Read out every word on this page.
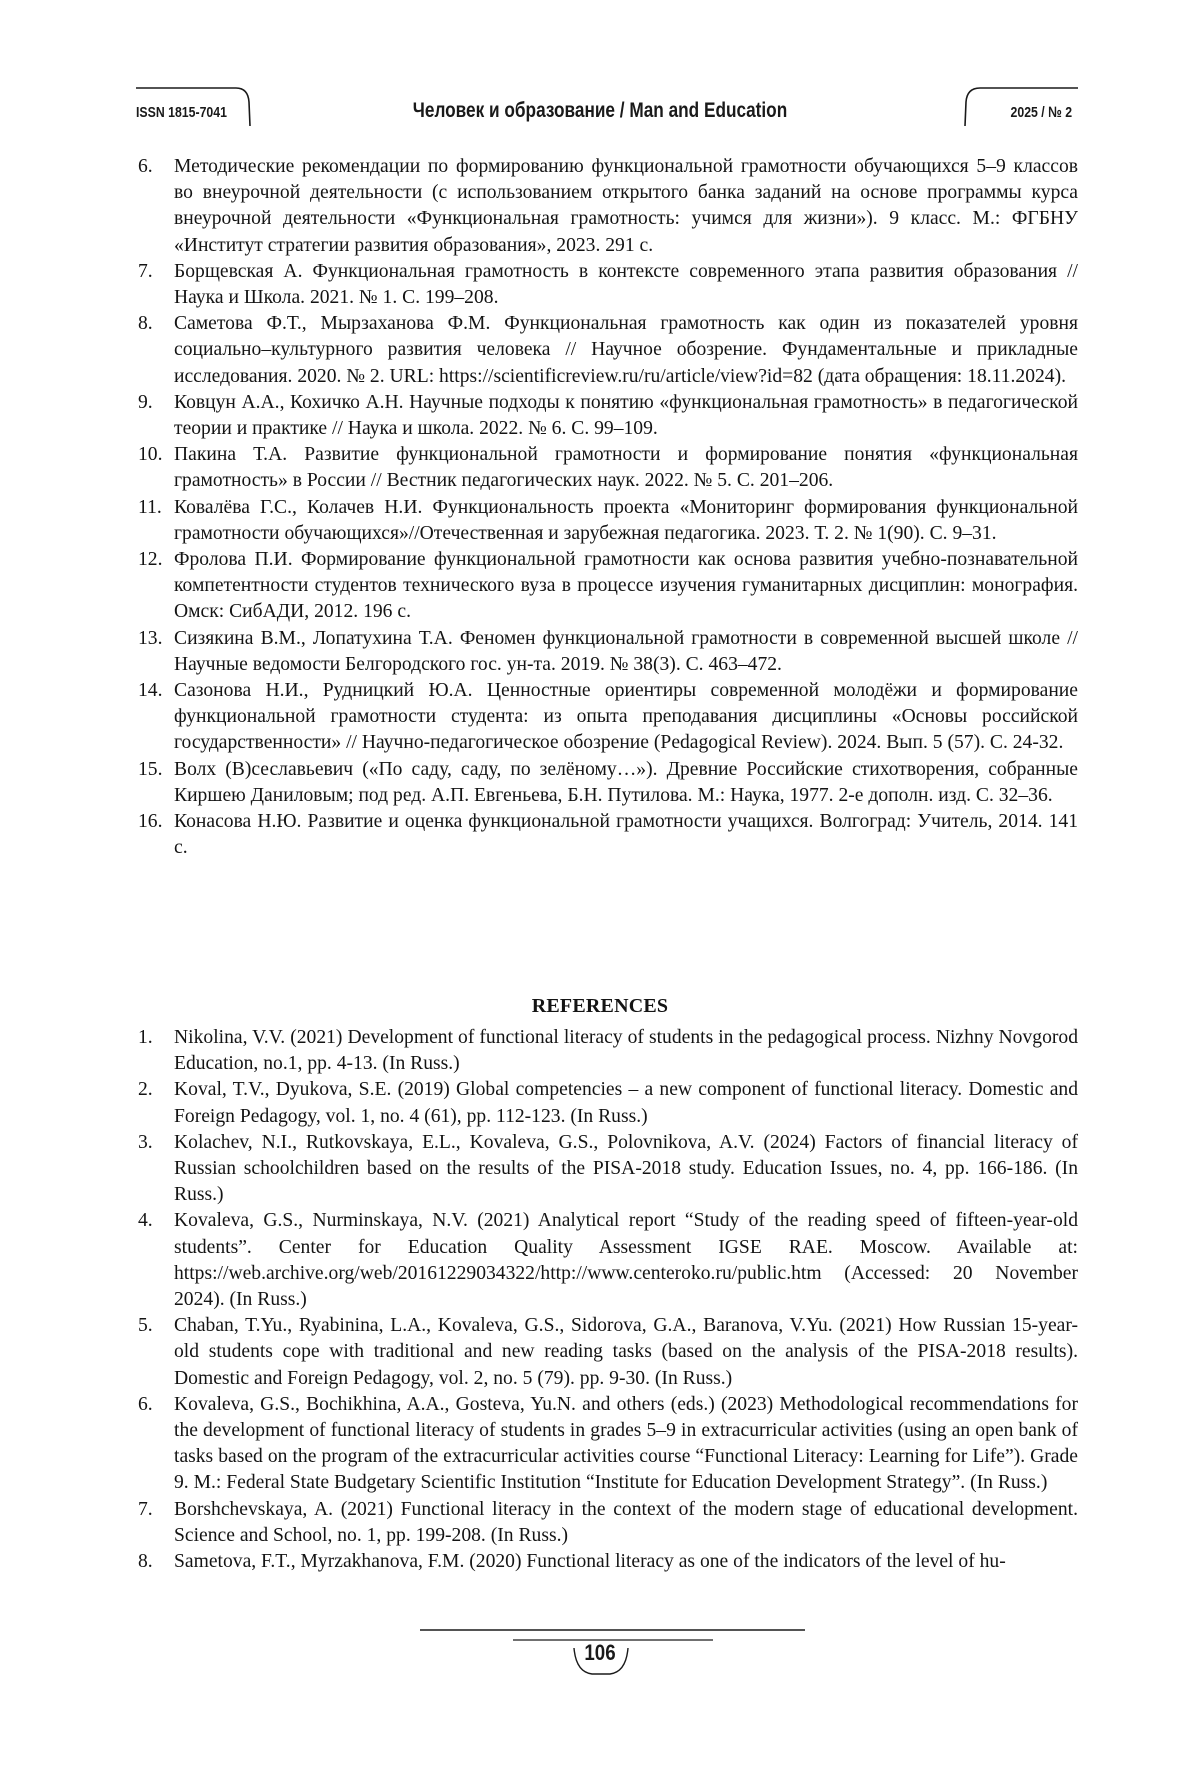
ISSN 1815-7041	Человек и образование / Man and Education	2025 / № 2
6. Методические рекомендации по формированию функциональной грамотности обучающихся 5–9 классов во внеурочной деятельности (с использованием открытого банка заданий на основе программы курса внеурочной деятельности «Функциональная грамотность: учимся для жизни»). 9 класс. М.: ФГБНУ «Институт стратегии развития образования», 2023. 291 с.
7. Борщевская А. Функциональная грамотность в контексте современного этапа развития образования // Наука и Школа. 2021. № 1. С. 199–208.
8. Саметова Ф.Т., Мырзаханова Ф.М. Функциональная грамотность как один из показателей уровня социально–культурного развития человека // Научное обозрение. Фундаментальные и прикладные исследования. 2020. № 2. URL: https://scientificreview.ru/ru/article/view?id=82 (дата обращения: 18.11.2024).
9. Ковцун А.А., Кохичко А.Н. Научные подходы к понятию «функциональная грамотность» в педагогической теории и практике // Наука и школа. 2022. № 6. С. 99–109.
10. Пакина Т.А. Развитие функциональной грамотности и формирование понятия «функциональная грамотность» в России // Вестник педагогических наук. 2022. № 5. С. 201–206.
11. Ковалёва Г.С., Колачев Н.И. Функциональность проекта «Мониторинг формирования функциональной грамотности обучающихся»//Отечественная и зарубежная педагогика. 2023. Т. 2. № 1(90). С. 9–31.
12. Фролова П.И. Формирование функциональной грамотности как основа развития учебно-познавательной компетентности студентов технического вуза в процессе изучения гуманитарных дисциплин: монография. Омск: СибАДИ, 2012. 196 с.
13. Сизякина В.М., Лопатухина Т.А. Феномен функциональной грамотности в современной высшей школе // Научные ведомости Белгородского гос. ун-та. 2019. № 38(3). С. 463–472.
14. Сазонова Н.И., Рудницкий Ю.А. Ценностные ориентиры современной молодёжи и формирование функциональной грамотности студента: из опыта преподавания дисциплины «Основы российской государственности» // Научно-педагогическое обозрение (Pedagogical Review). 2024. Вып. 5 (57). С. 24-32.
15. Волх (В)сеславьевич («По саду, саду, по зелёному…»). Древние Российские стихотворения, собранные Киршею Даниловым; под ред. А.П. Евгеньева, Б.Н. Путилова. М.: Наука, 1977. 2-е дополн. изд. С. 32–36.
16. Конасова Н.Ю. Развитие и оценка функциональной грамотности учащихся. Волгоград: Учитель, 2014. 141 с.
REFERENCES
1. Nikolina, V.V. (2021) Development of functional literacy of students in the pedagogical process. Nizhny Novgorod Education, no.1, pp. 4-13. (In Russ.)
2. Koval, T.V., Dyukova, S.E. (2019) Global competencies – a new component of functional literacy. Domestic and Foreign Pedagogy, vol. 1, no. 4 (61), pp. 112-123. (In Russ.)
3. Kolachev, N.I., Rutkovskaya, E.L., Kovaleva, G.S., Polovnikova, A.V. (2024) Factors of financial literacy of Russian schoolchildren based on the results of the PISA-2018 study. Education Issues, no. 4, pp. 166-186. (In Russ.)
4. Kovaleva, G.S., Nurminskaya, N.V. (2021) Analytical report “Study of the reading speed of fifteen-year-old students”. Center for Education Quality Assessment IGSE RAE. Moscow. Available at: https://web.archive.org/web/20161229034322/http://www.centeroko.ru/public.htm (Accessed: 20 November 2024). (In Russ.)
5. Chaban, T.Yu., Ryabinina, L.A., Kovaleva, G.S., Sidorova, G.A., Baranova, V.Yu. (2021) How Russian 15-year-old students cope with traditional and new reading tasks (based on the analysis of the PISA-2018 results). Domestic and Foreign Pedagogy, vol. 2, no. 5 (79). pp. 9-30. (In Russ.)
6. Kovaleva, G.S., Bochikhina, A.A., Gosteva, Yu.N. and others (eds.) (2023) Methodological recommendations for the development of functional literacy of students in grades 5–9 in extracurricular activities (using an open bank of tasks based on the program of the extracurricular activities course “Functional Literacy: Learning for Life”). Grade 9. M.: Federal State Budgetary Scientific Institution “Institute for Education Development Strategy”. (In Russ.)
7. Borshchevskaya, A. (2021) Functional literacy in the context of the modern stage of educational development. Science and School, no. 1, pp. 199-208. (In Russ.)
8. Sametova, F.T., Myrzakhanova, F.M. (2020) Functional literacy as one of the indicators of the level of hu-
106
